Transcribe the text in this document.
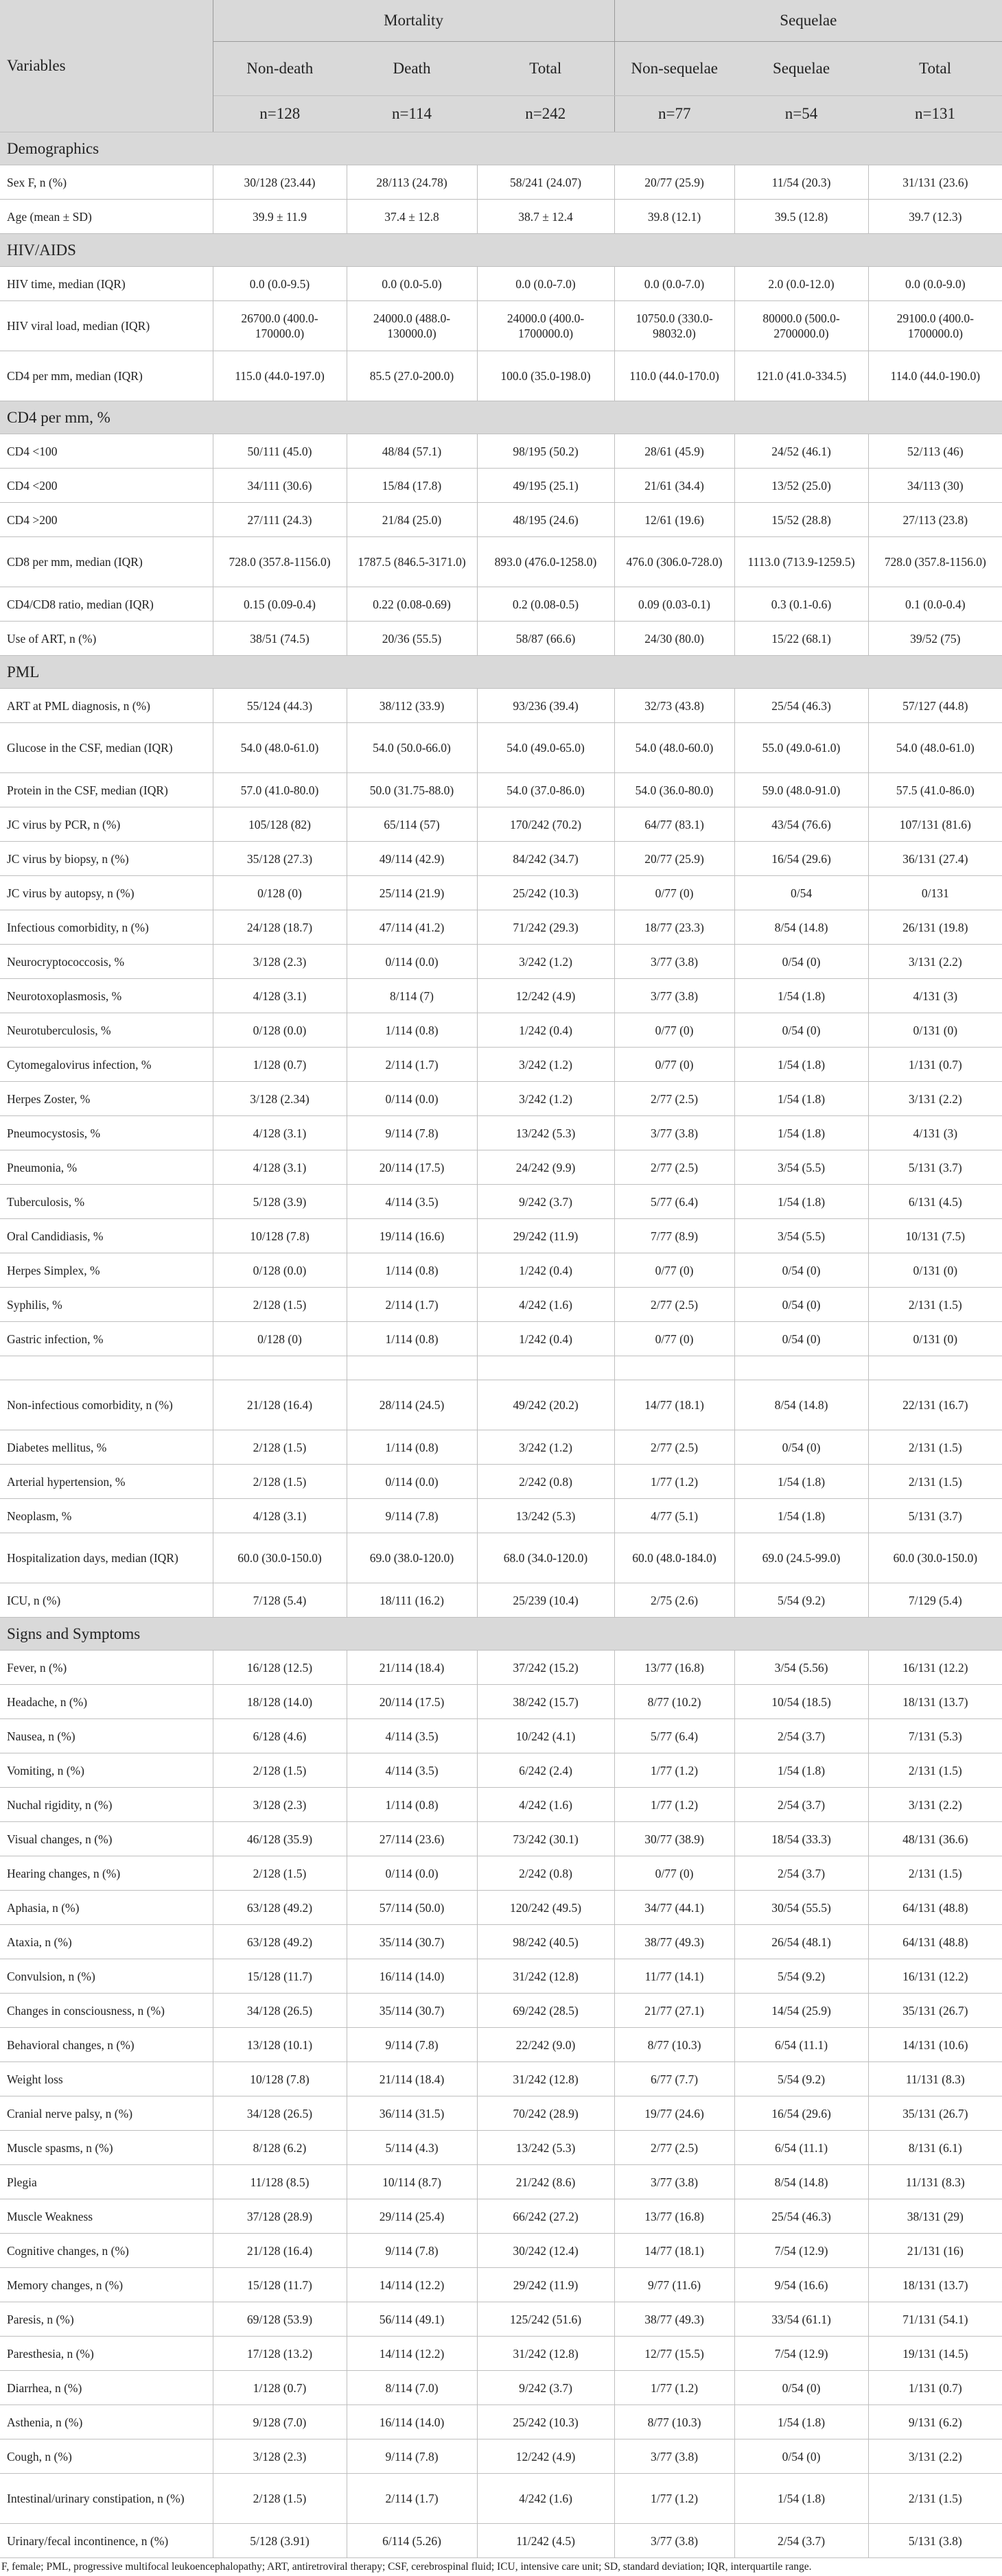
Variables	Mortality			Sequelae		
	Non-death	Death	Total	Non-sequelae	Sequelae	Total
	n=128	n=114	n=242	n=77	n=54	n=131
Demographics						
Sex F, n (%)	30/128 (23.44)	28/113 (24.78)	58/241 (24.07)	20/77 (25.9)	11/54 (20.3)	31/131 (23.6)
Age (mean ± SD)	39.9 ± 11.9	37.4 ± 12.8	38.7 ± 12.4	39.8 (12.1)	39.5 (12.8)	39.7 (12.3)
HIV/AIDS						
HIV time, median (IQR)	0.0 (0.0-9.5)	0.0 (0.0-5.0)	0.0 (0.0-7.0)	0.0 (0.0-7.0)	2.0 (0.0-12.0)	0.0 (0.0-9.0)
HIV viral load, median (IQR)	26700.0 (400.0-170000.0)	24000.0 (488.0-130000.0)	24000.0 (400.0-1700000.0)	10750.0 (330.0-98032.0)	80000.0 (500.0-2700000.0)	29100.0 (400.0-1700000.0)
CD4 per mm, median (IQR)	115.0 (44.0-197.0)	85.5 (27.0-200.0)	100.0 (35.0-198.0)	110.0 (44.0-170.0)	121.0 (41.0-334.5)	114.0 (44.0-190.0)
CD4 per mm, %						
CD4 <100	50/111 (45.0)	48/84 (57.1)	98/195 (50.2)	28/61 (45.9)	24/52 (46.1)	52/113 (46)
CD4 <200	34/111 (30.6)	15/84 (17.8)	49/195 (25.1)	21/61 (34.4)	13/52 (25.0)	34/113 (30)
CD4 >200	27/111 (24.3)	21/84 (25.0)	48/195 (24.6)	12/61 (19.6)	15/52 (28.8)	27/113 (23.8)
CD8 per mm, median (IQR)	728.0 (357.8-1156.0)	1787.5 (846.5-3171.0)	893.0 (476.0-1258.0)	476.0 (306.0-728.0)	1113.0 (713.9-1259.5)	728.0 (357.8-1156.0)
CD4/CD8 ratio, median (IQR)	0.15 (0.09-0.4)	0.22 (0.08-0.69)	0.2 (0.08-0.5)	0.09 (0.03-0.1)	0.3 (0.1-0.6)	0.1 (0.0-0.4)
Use of ART, n (%)	38/51 (74.5)	20/36 (55.5)	58/87 (66.6)	24/30 (80.0)	15/22 (68.1)	39/52 (75)
PML						
ART at PML diagnosis, n (%)	55/124 (44.3)	38/112 (33.9)	93/236 (39.4)	32/73 (43.8)	25/54 (46.3)	57/127 (44.8)
Glucose in the CSF, median (IQR)	54.0 (48.0-61.0)	54.0 (50.0-66.0)	54.0 (49.0-65.0)	54.0 (48.0-60.0)	55.0 (49.0-61.0)	54.0 (48.0-61.0)
Protein in the CSF, median (IQR)	57.0 (41.0-80.0)	50.0 (31.75-88.0)	54.0 (37.0-86.0)	54.0 (36.0-80.0)	59.0 (48.0-91.0)	57.5 (41.0-86.0)
JC virus by PCR, n (%)	105/128 (82)	65/114 (57)	170/242 (70.2)	64/77 (83.1)	43/54 (76.6)	107/131 (81.6)
JC virus by biopsy, n (%)	35/128 (27.3)	49/114 (42.9)	84/242 (34.7)	20/77 (25.9)	16/54 (29.6)	36/131 (27.4)
JC virus by autopsy, n (%)	0/128 (0)	25/114 (21.9)	25/242 (10.3)	0/77 (0)	0/54	0/131
Infectious comorbidity, n (%)	24/128 (18.7)	47/114 (41.2)	71/242 (29.3)	18/77 (23.3)	8/54 (14.8)	26/131 (19.8)
Neurocryptococcosis, %	3/128 (2.3)	0/114 (0.0)	3/242 (1.2)	3/77 (3.8)	0/54 (0)	3/131 (2.2)
Neurotoxoplasmosis, %	4/128 (3.1)	8/114 (7)	12/242 (4.9)	3/77 (3.8)	1/54 (1.8)	4/131 (3)
Neurotuberculosis, %	0/128 (0.0)	1/114 (0.8)	1/242 (0.4)	0/77 (0)	0/54 (0)	0/131 (0)
Cytomegalovirus infection, %	1/128 (0.7)	2/114 (1.7)	3/242 (1.2)	0/77 (0)	1/54 (1.8)	1/131 (0.7)
Herpes Zoster, %	3/128 (2.34)	0/114 (0.0)	3/242 (1.2)	2/77 (2.5)	1/54 (1.8)	3/131 (2.2)
Pneumocystosis, %	4/128 (3.1)	9/114 (7.8)	13/242 (5.3)	3/77 (3.8)	1/54 (1.8)	4/131 (3)
Pneumonia, %	4/128 (3.1)	20/114 (17.5)	24/242 (9.9)	2/77 (2.5)	3/54 (5.5)	5/131 (3.7)
Tuberculosis, %	5/128 (3.9)	4/114 (3.5)	9/242 (3.7)	5/77 (6.4)	1/54 (1.8)	6/131 (4.5)
Oral Candidiasis, %	10/128 (7.8)	19/114 (16.6)	29/242 (11.9)	7/77 (8.9)	3/54 (5.5)	10/131 (7.5)
Herpes Simplex, %	0/128 (0.0)	1/114 (0.8)	1/242 (0.4)	0/77 (0)	0/54 (0)	0/131 (0)
Syphilis, %	2/128 (1.5)	2/114 (1.7)	4/242 (1.6)	2/77 (2.5)	0/54 (0)	2/131 (1.5)
Gastric infection, %	0/128 (0)	1/114 (0.8)	1/242 (0.4)	0/77 (0)	0/54 (0)	0/131 (0)

Non-infectious comorbidity, n (%)	21/128 (16.4)	28/114 (24.5)	49/242 (20.2)	14/77 (18.1)	8/54 (14.8)	22/131 (16.7)
Diabetes mellitus, %	2/128 (1.5)	1/114 (0.8)	3/242 (1.2)	2/77 (2.5)	0/54 (0)	2/131 (1.5)
Arterial hypertension, %	2/128 (1.5)	0/114 (0.0)	2/242 (0.8)	1/77 (1.2)	1/54 (1.8)	2/131 (1.5)
Neoplasm, %	4/128 (3.1)	9/114 (7.8)	13/242 (5.3)	4/77 (5.1)	1/54 (1.8)	5/131 (3.7)
Hospitalization days, median (IQR)	60.0 (30.0-150.0)	69.0 (38.0-120.0)	68.0 (34.0-120.0)	60.0 (48.0-184.0)	69.0 (24.5-99.0)	60.0 (30.0-150.0)
ICU, n (%)	7/128 (5.4)	18/111 (16.2)	25/239 (10.4)	2/75 (2.6)	5/54 (9.2)	7/129 (5.4)
Signs and Symptoms						
Fever, n (%)	16/128 (12.5)	21/114 (18.4)	37/242 (15.2)	13/77 (16.8)	3/54 (5.56)	16/131 (12.2)
Headache, n (%)	18/128 (14.0)	20/114 (17.5)	38/242 (15.7)	8/77 (10.2)	10/54 (18.5)	18/131 (13.7)
Nausea, n (%)	6/128 (4.6)	4/114 (3.5)	10/242 (4.1)	5/77 (6.4)	2/54 (3.7)	7/131 (5.3)
Vomiting, n (%)	2/128 (1.5)	4/114 (3.5)	6/242 (2.4)	1/77 (1.2)	1/54 (1.8)	2/131 (1.5)
Nuchal rigidity, n (%)	3/128 (2.3)	1/114 (0.8)	4/242 (1.6)	1/77 (1.2)	2/54 (3.7)	3/131 (2.2)
Visual changes, n (%)	46/128 (35.9)	27/114 (23.6)	73/242 (30.1)	30/77 (38.9)	18/54 (33.3)	48/131 (36.6)
Hearing changes, n (%)	2/128 (1.5)	0/114 (0.0)	2/242 (0.8)	0/77 (0)	2/54 (3.7)	2/131 (1.5)
Aphasia, n (%)	63/128 (49.2)	57/114 (50.0)	120/242 (49.5)	34/77 (44.1)	30/54 (55.5)	64/131 (48.8)
Ataxia, n (%)	63/128 (49.2)	35/114 (30.7)	98/242 (40.5)	38/77 (49.3)	26/54 (48.1)	64/131 (48.8)
Convulsion, n (%)	15/128 (11.7)	16/114 (14.0)	31/242 (12.8)	11/77 (14.1)	5/54 (9.2)	16/131 (12.2)
Changes in consciousness, n (%)	34/128 (26.5)	35/114 (30.7)	69/242 (28.5)	21/77 (27.1)	14/54 (25.9)	35/131 (26.7)
Behavioral changes, n (%)	13/128 (10.1)	9/114 (7.8)	22/242 (9.0)	8/77 (10.3)	6/54 (11.1)	14/131 (10.6)
Weight loss	10/128 (7.8)	21/114 (18.4)	31/242 (12.8)	6/77 (7.7)	5/54 (9.2)	11/131 (8.3)
Cranial nerve palsy, n (%)	34/128 (26.5)	36/114 (31.5)	70/242 (28.9)	19/77 (24.6)	16/54 (29.6)	35/131 (26.7)
Muscle spasms, n (%)	8/128 (6.2)	5/114 (4.3)	13/242 (5.3)	2/77 (2.5)	6/54 (11.1)	8/131 (6.1)
Plegia	11/128 (8.5)	10/114 (8.7)	21/242 (8.6)	3/77 (3.8)	8/54 (14.8)	11/131 (8.3)
Muscle Weakness	37/128 (28.9)	29/114 (25.4)	66/242 (27.2)	13/77 (16.8)	25/54 (46.3)	38/131 (29)
Cognitive changes, n (%)	21/128 (16.4)	9/114 (7.8)	30/242 (12.4)	14/77 (18.1)	7/54 (12.9)	21/131 (16)
Memory changes, n (%)	15/128 (11.7)	14/114 (12.2)	29/242 (11.9)	9/77 (11.6)	9/54 (16.6)	18/131 (13.7)
Paresis, n (%)	69/128 (53.9)	56/114 (49.1)	125/242 (51.6)	38/77 (49.3)	33/54 (61.1)	71/131 (54.1)
Paresthesia, n (%)	17/128 (13.2)	14/114 (12.2)	31/242 (12.8)	12/77 (15.5)	7/54 (12.9)	19/131 (14.5)
Diarrhea, n (%)	1/128 (0.7)	8/114 (7.0)	9/242 (3.7)	1/77 (1.2)	0/54 (0)	1/131 (0.7)
Asthenia, n (%)	9/128 (7.0)	16/114 (14.0)	25/242 (10.3)	8/77 (10.3)	1/54 (1.8)	9/131 (6.2)
Cough, n (%)	3/128 (2.3)	9/114 (7.8)	12/242 (4.9)	3/77 (3.8)	0/54 (0)	3/131 (2.2)
Intestinal/urinary constipation, n (%)	2/128 (1.5)	2/114 (1.7)	4/242 (1.6)	1/77 (1.2)	1/54 (1.8)	2/131 (1.5)
Urinary/fecal incontinence, n (%)	5/128 (3.91)	6/114 (5.26)	11/242 (4.5)	3/77 (3.8)	2/54 (3.7)	5/131 (3.8)
F, female; PML, progressive multifocal leukoencephalopathy; ART, antiretroviral therapy; CSF, cerebrospinal fluid; ICU, intensive care unit; SD, standard deviation; IQR, interquartile range.
